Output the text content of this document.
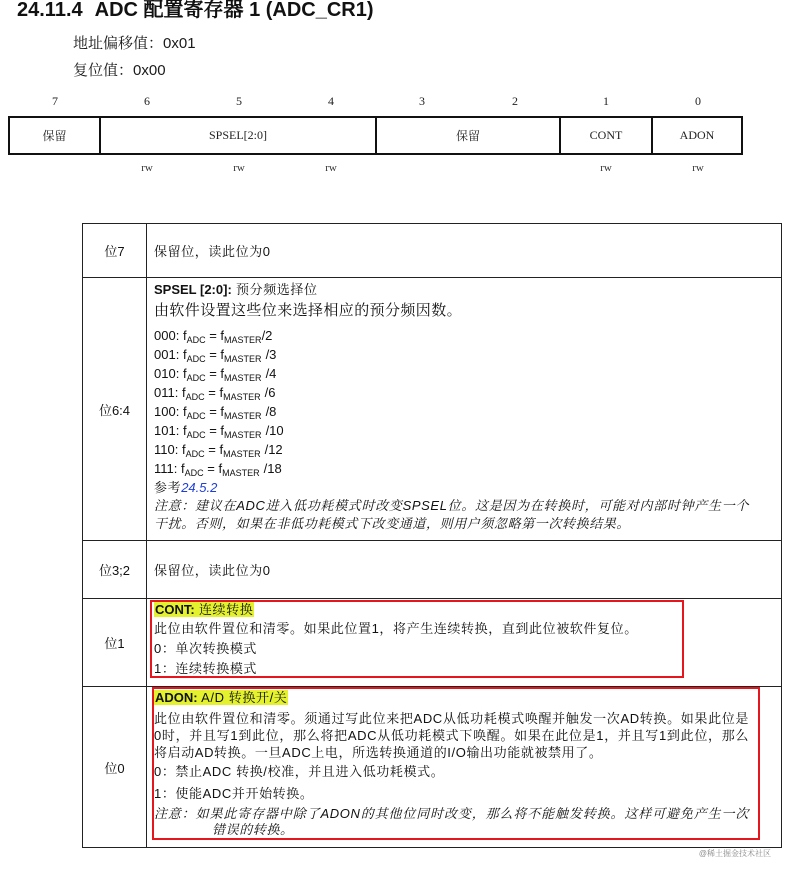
24.11.4 ADC 配置寄存器 1 (ADC_CR1)
地址偏移值：0x01
复位值：0x00
7	6	5	4	3	2	1	0
保留	SPSEL[2:0]	保留	CONT	ADON
rw	rw	rw	rw	rw
位7	保留位，读此位为0
位6:4
SPSEL [2:0]: 预分频选择位
由软件设置这些位来选择相应的预分频因数。
000: $f_{ADC} = f_{MASTER}/2$
001: $f_{ADC} = f_{MASTER}$ /3
010: $f_{ADC} = f_{MASTER}$ /4
011: $f_{ADC} = f_{MASTER}$ /6
100: $f_{ADC} = f_{MASTER}$ /8
101: $f_{ADC} = f_{MASTER}$ /10
110: $f_{ADC} = f_{MASTER}$ /12
111: $f_{ADC} = f_{MASTER}$ /18
参考24.5.2
注意：建议在ADC进入低功耗模式时改变SPSEL位。这是因为在转换时，可能对内部时钟产生一个干扰。否则，如果在非低功耗模式下改变通道，则用户须忽略第一次转换结果。
位3;2	保留位，读此位为0
位1
CONT: 连续转换
此位由软件置位和清零。如果此位置1，将产生连续转换，直到此位被软件复位。
0：单次转换模式
1：连续转换模式
位0
ADON: A/D 转换开/关
此位由软件置位和清零。须通过写此位来把ADC从低功耗模式唤醒并触发一次AD转换。如果此位是0时，并且写1到此位，那么将把ADC从低功耗模式下唤醒。如果在此位是1，并且写1到此位，那么将启动AD转换。一旦ADC上电，所选转换通道的I/O输出功能就被禁用了。
0：禁止ADC 转换/校准，并且进入低功耗模式。
1：使能ADC并开始转换。
注意：如果此寄存器中除了ADON的其他位同时改变，那么将不能触发转换。这样可避免产生一次错误的转换。
@稀土掘金技术社区
